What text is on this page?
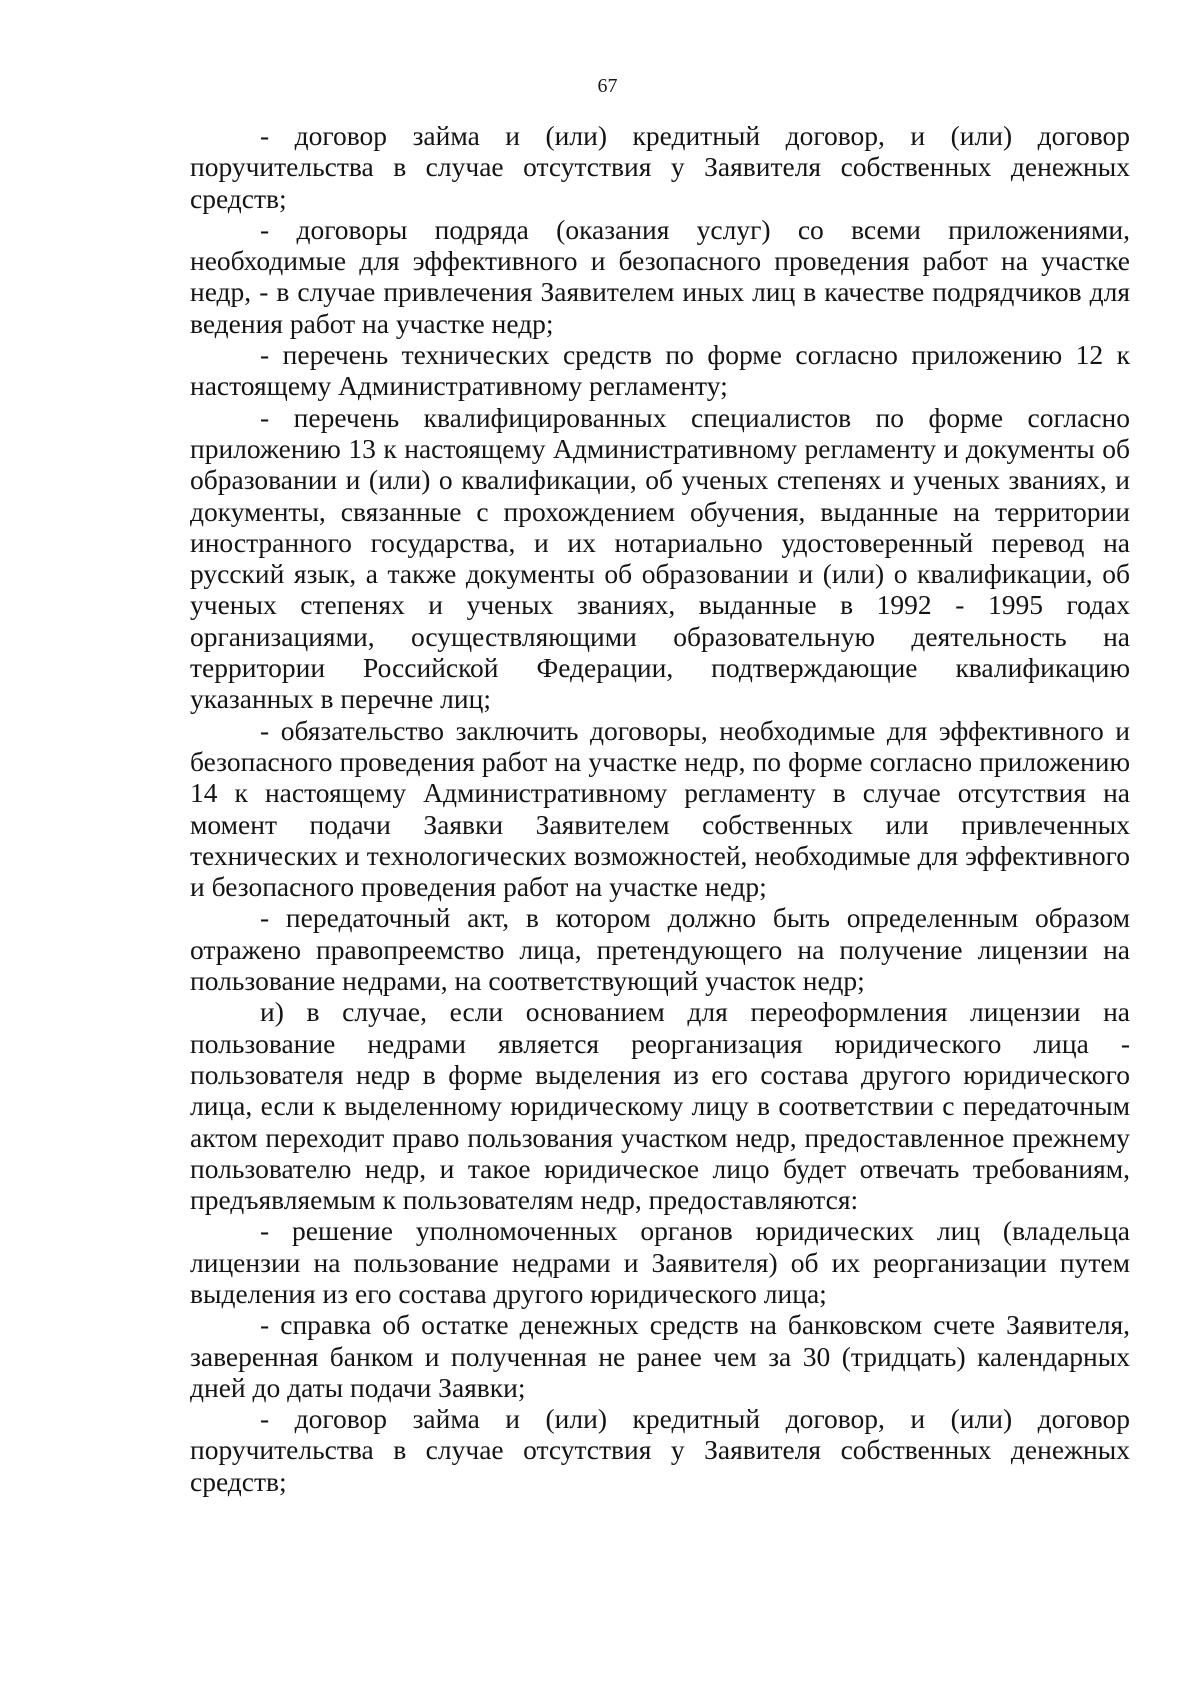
67

- договор займа и (или) кредитный договор, и (или) договор поручительства в случае отсутствия у Заявителя собственных денежных средств;

- договоры подряда (оказания услуг) со всеми приложениями, необходимые для эффективного и безопасного проведения работ на участке недр, - в случае привлечения Заявителем иных лиц в качестве подрядчиков для ведения работ на участке недр;

- перечень технических средств по форме согласно приложению 12 к настоящему Административному регламенту;

- перечень квалифицированных специалистов по форме согласно приложению 13 к настоящему Административному регламенту и документы об образовании и (или) о квалификации, об ученых степенях и ученых званиях, и документы, связанные с прохождением обучения, выданные на территории иностранного государства, и их нотариально удостоверенный перевод на русский язык, а также документы об образовании и (или) о квалификации, об ученых степенях и ученых званиях, выданные в 1992 - 1995 годах организациями, осуществляющими образовательную деятельность на территории Российской Федерации, подтверждающие квалификацию указанных в перечне лиц;

- обязательство заключить договоры, необходимые для эффективного и безопасного проведения работ на участке недр, по форме согласно приложению 14 к настоящему Административному регламенту в случае отсутствия на момент подачи Заявки Заявителем собственных или привлеченных технических и технологических возможностей, необходимые для эффективного и безопасного проведения работ на участке недр;

- передаточный акт, в котором должно быть определенным образом отражено правопреемство лица, претендующего на получение лицензии на пользование недрами, на соответствующий участок недр;

и) в случае, если основанием для переоформления лицензии на пользование недрами является реорганизация юридического лица - пользователя недр в форме выделения из его состава другого юридического лица, если к выделенному юридическому лицу в соответствии с передаточным актом переходит право пользования участком недр, предоставленное прежнему пользователю недр, и такое юридическое лицо будет отвечать требованиям, предъявляемым к пользователям недр, предоставляются:

- решение уполномоченных органов юридических лиц (владельца лицензии на пользование недрами и Заявителя) об их реорганизации путем выделения из его состава другого юридического лица;

- справка об остатке денежных средств на банковском счете Заявителя, заверенная банком и полученная не ранее чем за 30 (тридцать) календарных дней до даты подачи Заявки;

- договор займа и (или) кредитный договор, и (или) договор поручительства в случае отсутствия у Заявителя собственных денежных средств;
